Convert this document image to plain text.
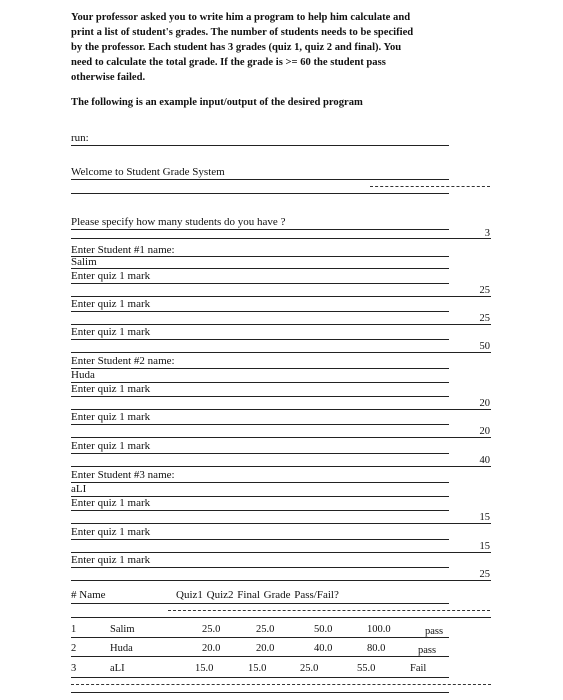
Your professor asked you to write him a program to help him calculate and
print a list of student's grades. The number of students needs to be specified
by the professor. Each student has 3 grades (quiz 1, quiz 2 and final). You
need to calculate the total grade. If the grade is >= 60 the student pass
otherwise failed.
The following is an example input/output of the desired program
run:
Welcome to Student Grade System
Please specify how many students do you have ?
3
Enter Student #1 name:
Salim
Enter quiz 1 mark
25
Enter quiz 1 mark
25
Enter quiz 1 mark
50
Enter Student #2 name:
Huda
Enter quiz 1 mark
20
Enter quiz 1 mark
20
Enter quiz 1 mark
40
Enter Student #3 name:
aLI
Enter quiz 1 mark
15
Enter quiz 1 mark
15
Enter quiz 1 mark
25
# Name	Quiz1 Quiz2 Final Grade Pass/Fail?
1	Salim	25.0	25.0	50.0	100.0	pass
2	Huda	20.0	20.0	40.0	80.0	pass
3	aLI	15.0	15.0	25.0	55.0	Fail
